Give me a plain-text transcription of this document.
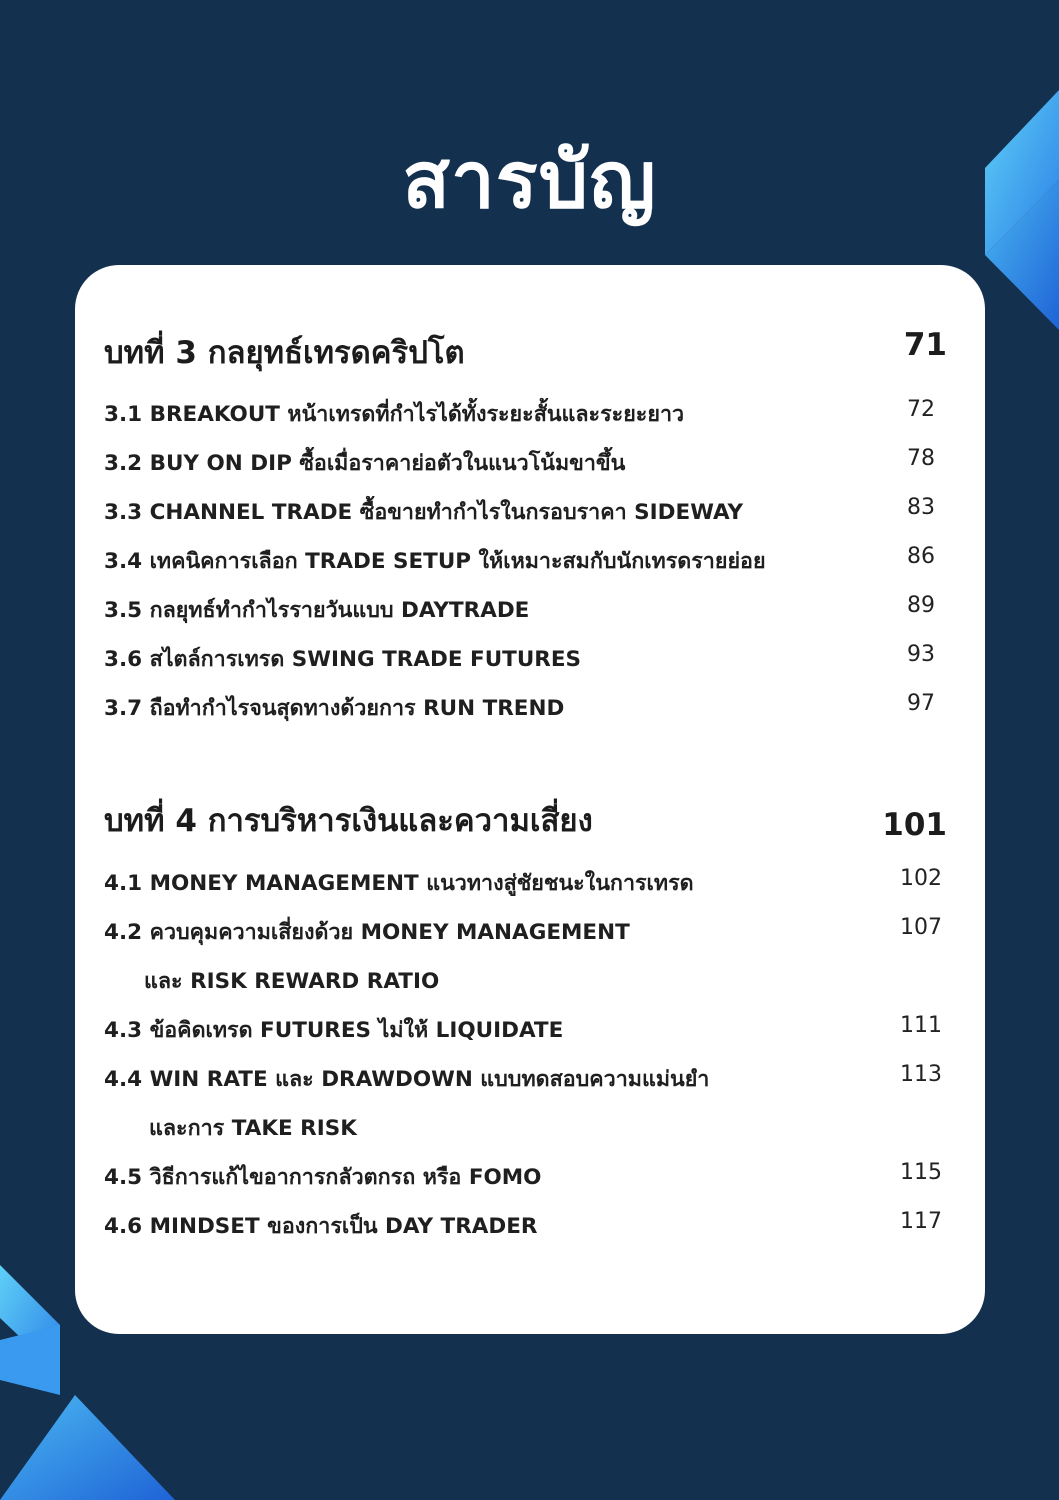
สารบัญ
บทที่ 3 กลยุทธ์เทรดคริปโต	71
3.1 BREAKOUT หน้าเทรดที่กำไรได้ทั้งระยะสั้นและระยะยาว	72
3.2 BUY ON DIP ซื้อเมื่อราคาย่อตัวในแนวโน้มขาขึ้น	78
3.3 CHANNEL TRADE ซื้อขายทำกำไรในกรอบราคา SIDEWAY	83
3.4 เทคนิคการเลือก TRADE SETUP ให้เหมาะสมกับนักเทรดรายย่อย	86
3.5 กลยุทธ์ทำกำไรรายวันแบบ DAYTRADE	89
3.6 สไตล์การเทรด SWING TRADE FUTURES	93
3.7 ถือทำกำไรจนสุดทางด้วยการ RUN TREND	97
บทที่ 4 การบริหารเงินและความเสี่ยง	101
4.1 MONEY MANAGEMENT แนวทางสู่ชัยชนะในการเทรด	102
4.2 ควบคุมความเสี่ยงด้วย MONEY MANAGEMENT	107
และ RISK REWARD RATIO
4.3 ข้อคิดเทรด FUTURES ไม่ให้ LIQUIDATE	111
4.4 WIN RATE และ DRAWDOWN แบบทดสอบความแม่นยำ	113
และการ TAKE RISK
4.5 วิธีการแก้ไขอาการกลัวตกรถ หรือ FOMO	115
4.6 MINDSET ของการเป็น DAY TRADER	117
